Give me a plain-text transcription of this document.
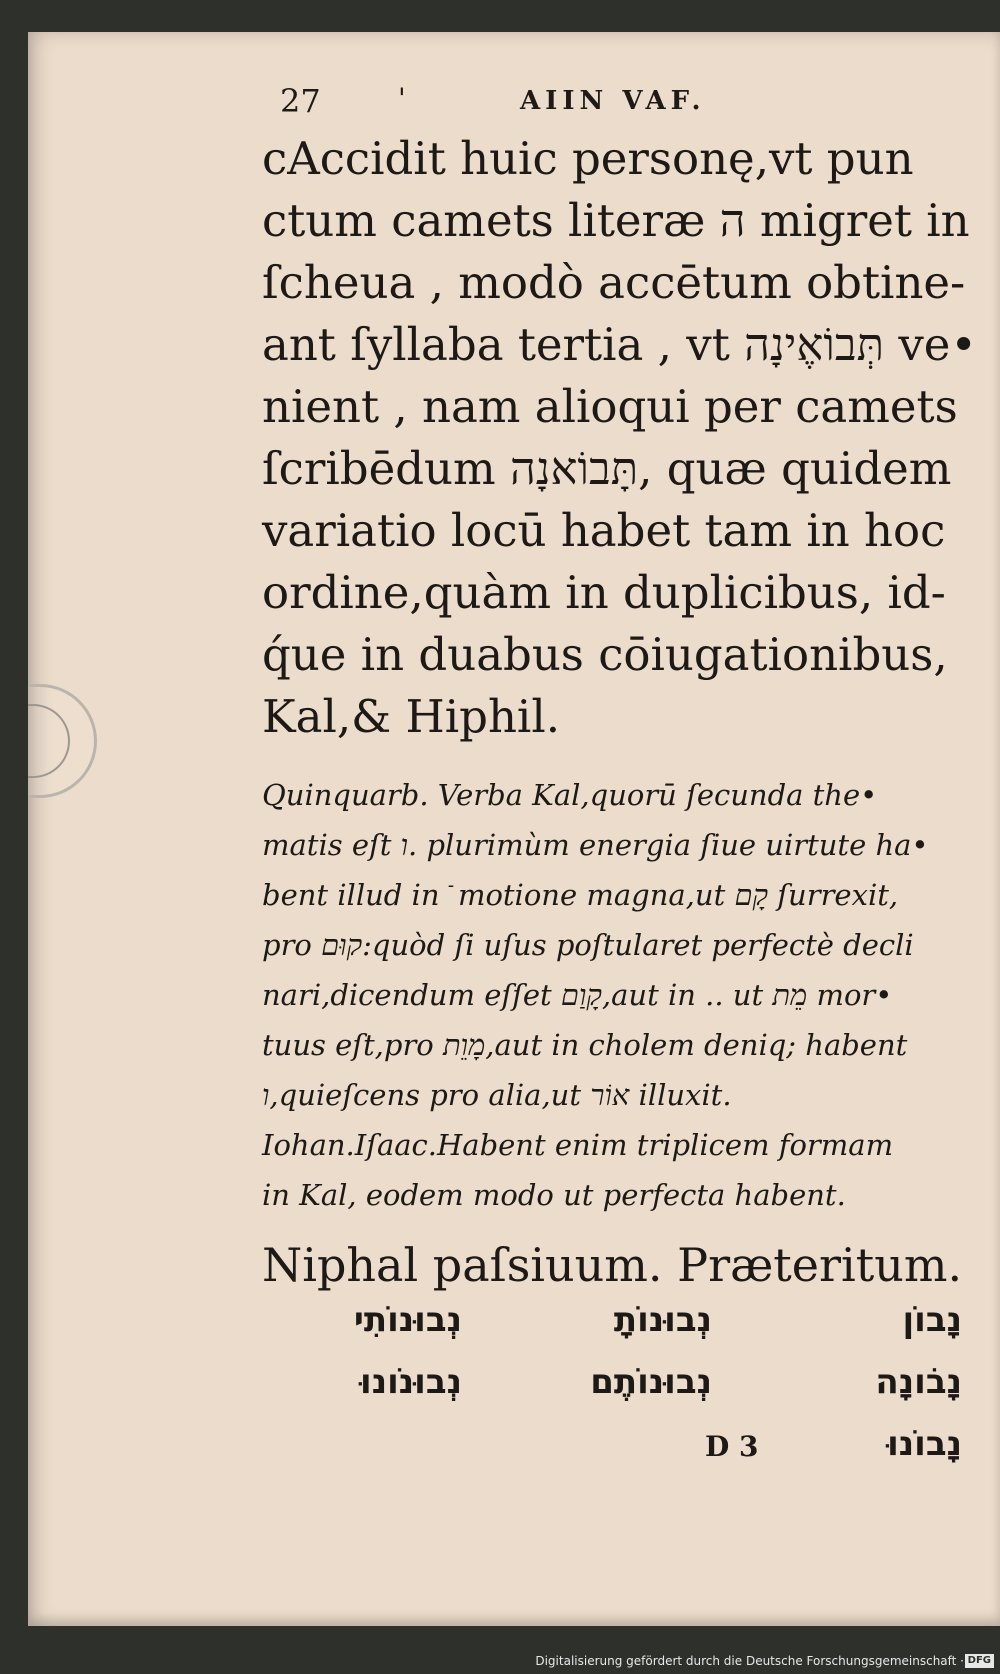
27	'	AIIN VAF.
cAccidit huic personę,vt pun
ctum camets literæ ה migret in
ſcheua , modò accētum obtine-
ant ſyllaba tertia , vt תְּבוֹאֶינָה ve•
nient , nam alioqui per camets
ſcribēdum תָּבוֹאנָה, quæ quidem
variatio locū habet tam in hoc
ordine,quàm in duplicibus, id-
q́ue in duabus cōiugationibus,
Kal,& Hiphil.
Quinquarb. Verba Kal,quorū ſecunda the•
matis eſt ו. plurimùm energia ſiue uirtute ha•
bent illud in ֿ motione magna,ut קָם ſurrexit,
pro קוּם:quòd ſi uſus poſtularet perfectè decli
nari,dicendum eſſet קָוַם,aut in .. ut מֵת mor•
tuus eſt,pro מָוֵת,aut in cholem deniq; habent
ו,quieſcens pro alia,ut אוֹר illuxit.
Iohan.Iſaac.Habent enim triplicem formam
in Kal, eodem modo ut perfecta habent.
Niphal paſsiuum. Præteritum.
נָבוֹן
נְבוּנוֹתָ
נְבוּנוֹתִי
נָבֹונָה
נְבוּנוֹתֶם
נְבוּנֹונוּ
נָבוֹנוּ
D 3
Digitalisierung gefördert durch die Deutsche Forschungsgemeinschaft · DFG
